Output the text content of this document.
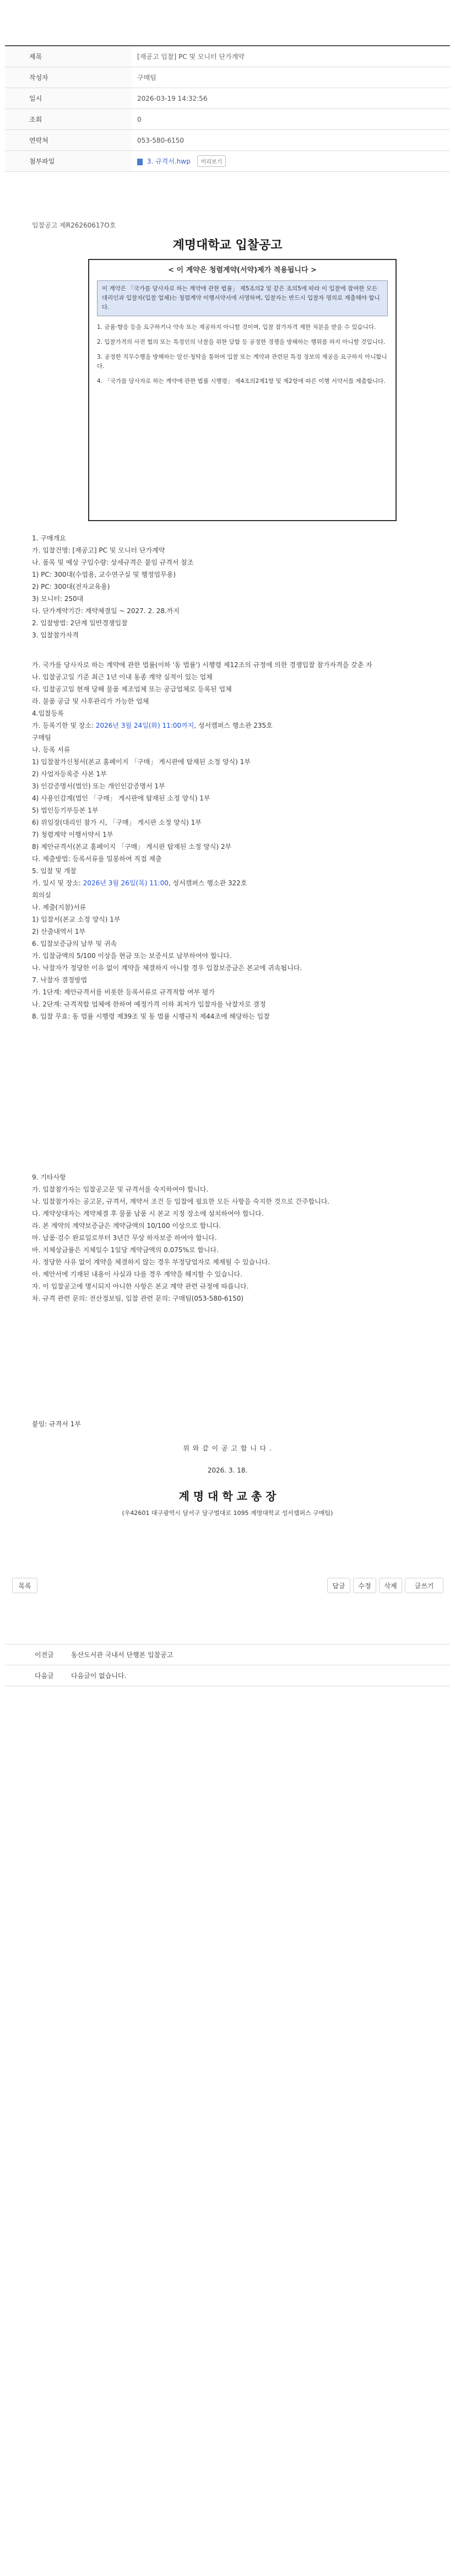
제목	[재공고 입찰] PC 및 모니터 단가계약
작성자	구매팀
일시	2026-03-19 14:32:56
조회	0
연락처	053-580-6150
첨부파일	3. 규격서.hwp 미리보기
입찰공고 제R26260617O호
계명대학교 입찰공고
< 이 계약은 청렴계약(서약)제가 적용됩니다 >
이 계약은 「국가를 당사자로 하는 계약에 관한 법률」 제5조의2 및 같은 조의5에 따라 이 입찰에 참여한 모든 대리인과 입찰자(입찰 업체)는 청렴계약 이행서약서에 서명하며, 입찰자는 반드시 입찰자 명의로 제출해야 합니다.

1. 금품·향응 등을 요구하거나 약속 또는 제공하지 아니할 것이며, 입찰 참가자격 제한 처분을 받을 수 있습니다.

2. 입찰가격의 사전 협의 또는 특정인의 낙찰을 위한 담합 등 공정한 경쟁을 방해하는 행위를 하지 아니할 것입니다.

3. 공정한 직무수행을 방해하는 알선·청탁을 통하여 입찰 또는 계약과 관련된 특정 정보의 제공을 요구하지 아니합니다.

4. 「국가를 당사자로 하는 계약에 관한 법률 시행령」 제4조의2제1항 및 제2항에 따른 이행 서약서를 제출합니다.

1. 구매개요
가. 입찰건명: [재공고] PC 및 모니터 단가계약
나. 품목 및 예상 구입수량: 상세규격은 붙임 규격서 참조
1) PC: 300대(수업용, 교수연구실 및 행정업무용)
2) PC: 300대(전자교육용)
3) 모니터: 250대
다. 단가계약기간: 계약체결일 ~ 2027. 2. 28.까지
2. 입찰방법: 2단계 일반경쟁입찰
3. 입찰참가자격
가. 국가를 당사자로 하는 계약에 관한 법률(이하 '동 법률') 시행령 제12조의 규정에 의한 경쟁입찰 참가자격을 갖춘 자
나. 입찰공고일 기준 최근 1년 이내 동종 계약 실적이 있는 업체
다. 입찰공고일 현재 당해 물품 제조업체 또는 공급업체로 등록된 업체
라. 물품 공급 및 사후관리가 가능한 업체
4.입찰등록
가. 등록기한 및 장소: 2026년 3월 24일(화) 11:00까지, 성서캠퍼스 행소관 235호
구매팀
나. 등록 서류
1) 입찰참가신청서(본교 홈페이지 「구매」 게시판에 탑재된 소정 양식) 1부
2) 사업자등록증 사본 1부
3) 인감증명서(법인) 또는 개인인감증명서 1부
4) 사용인감계(법인 「구매」 게시판에 탑재된 소정 양식) 1부
5) 법인등기부등본 1부
6) 위임장(대리인 참가 시, 「구매」 게시판 소정 양식) 1부
7) 청렴계약 이행서약서 1부
8) 제안규격서(본교 홈페이지 「구매」 게시판 탑재된 소정 양식) 2부
다. 제출방법: 등록서류를 밀봉하여 직접 제출
5. 입찰 및 개찰
가. 일시 및 장소: 2026년 3월 26일(목) 11:00, 성서캠퍼스 행소관 322호
회의실
나. 제출(지참)서류
1) 입찰서(본교 소정 양식) 1부
2) 산출내역서 1부
6. 입찰보증금의 납부 및 귀속
가. 입찰금액의 5/100 이상을 현금 또는 보증서로 납부하여야 합니다.
나. 낙찰자가 정당한 이유 없이 계약을 체결하지 아니할 경우 입찰보증금은 본교에 귀속됩니다.
7. 낙찰자 결정방법
가. 1단계: 제안규격서를 비롯한 등록서류로 규격적합 여부 평가
나. 2단계: 규격적합 업체에 한하여 예정가격 이하 최저가 입찰자를 낙찰자로 결정
8. 입찰 무효: 동 법률 시행령 제39조 및 동 법률 시행규칙 제44조에 해당하는 입찰
9. 기타사항
가. 입찰참가자는 입찰공고문 및 규격서를 숙지하여야 합니다.
나. 입찰참가자는 공고문, 규격서, 계약서 조건 등 입찰에 필요한 모든 사항을 숙지한 것으로 간주합니다.
다. 계약상대자는 계약체결 후 물품 납품 시 본교 지정 장소에 설치하여야 합니다.
라. 본 계약의 계약보증금은 계약금액의 10/100 이상으로 합니다.
마. 납품·검수 완료일로부터 3년간 무상 하자보증 하여야 합니다.
바. 지체상금률은 지체일수 1일당 계약금액의 0.075%로 합니다.
사. 정당한 사유 없이 계약을 체결하지 않는 경우 부정당업자로 제재될 수 있습니다.
아. 제안서에 기재된 내용이 사실과 다를 경우 계약을 해지할 수 있습니다.
자. 이 입찰공고에 명시되지 아니한 사항은 본교 계약 관련 규정에 따릅니다.
차. 규격 관련 문의: 전산정보팀, 입찰 관련 문의: 구매팀(053-580-6150)
붙임: 규격서 1부
위 와 같 이 공 고 합 니 다 .
2026. 3. 18.
계 명 대 학 교 총 장
(우42601 대구광역시 달서구 달구벌대로 1095 계명대학교 성서캠퍼스 구매팀)
목록	답글	수정	삭제	글쓰기
이전글	동산도서관 국내서 단행본 입찰공고
다음글	다음글이 없습니다.
